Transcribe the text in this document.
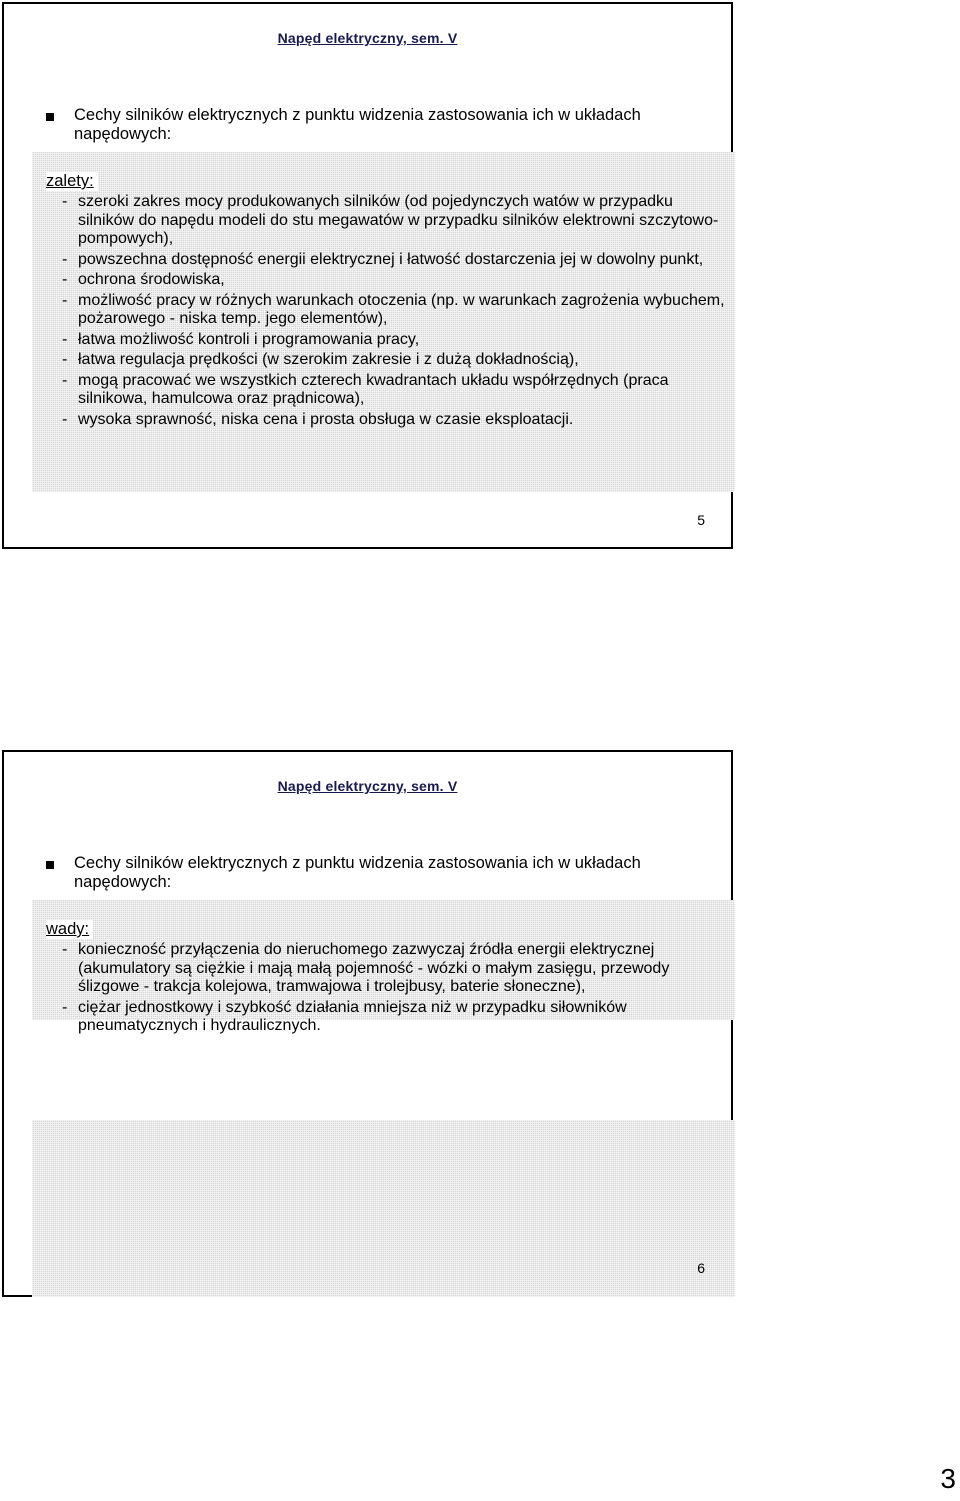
Napęd elektryczny, sem. V
Cechy silników elektrycznych z punktu widzenia zastosowania ich w układach napędowych:
zalety:
- szeroki zakres mocy produkowanych silników (od pojedynczych watów w przypadku silników do napędu modeli do stu megawatów w przypadku silników elektrowni szczytowo-pompowych),
- powszechna dostępność energii elektrycznej i łatwość dostarczenia jej w dowolny punkt,
- ochrona środowiska,
- możliwość pracy w różnych warunkach otoczenia (np. w warunkach zagrożenia wybuchem, pożarowego - niska temp. jego elementów),
- łatwa możliwość kontroli i programowania pracy,
- łatwa regulacja prędkości (w szerokim zakresie i z dużą dokładnością),
- mogą pracować we wszystkich czterech kwadrantach układu współrzędnych (praca silnikowa, hamulcowa oraz prądnicowa),
- wysoka sprawność, niska cena i prosta obsługa w czasie eksploatacji.
5
Napęd elektryczny, sem. V
Cechy silników elektrycznych z punktu widzenia zastosowania ich w układach napędowych:
wady:
- konieczność przyłączenia do nieruchomego zazwyczaj źródła energii elektrycznej (akumulatory są ciężkie i mają małą pojemność - wózki o małym zasięgu, przewody ślizgowe - trakcja kolejowa, tramwajowa i trolejbusy, baterie słoneczne),
- ciężar jednostkowy i szybkość działania mniejsza niż w przypadku siłowników pneumatycznych i hydraulicznych.
6
3
